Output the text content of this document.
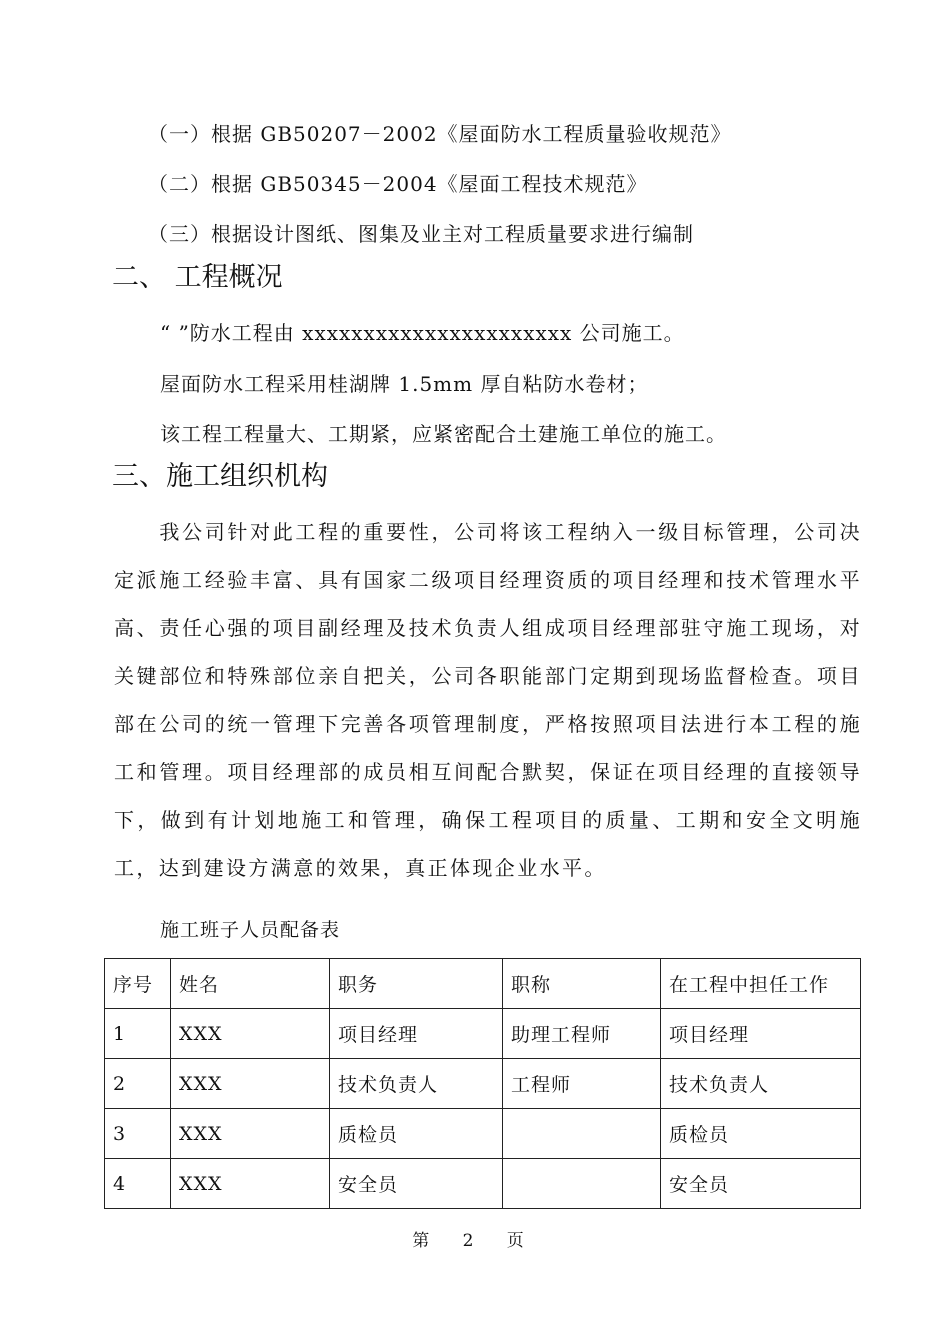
（一）根据 GB50207－2002《屋面防水工程质量验收规范》
（二）根据 GB50345－2004《屋面工程技术规范》
（三）根据设计图纸、图集及业主对工程质量要求进行编制
二、 工程概况
“ ”防水工程由 xxxxxxxxxxxxxxxxxxxxxx 公司施工。
屋面防水工程采用桂湖牌 1.5mm 厚自粘防水卷材；
该工程工程量大、工期紧，应紧密配合土建施工单位的施工。
三、施工组织机构
　　我公司针对此工程的重要性，公司将该工程纳入一级目标管理，公司决定派施工经验丰富、具有国家二级项目经理资质的项目经理和技术管理水平高、责任心强的项目副经理及技术负责人组成项目经理部驻守施工现场，对关键部位和特殊部位亲自把关，公司各职能部门定期到现场监督检查。项目部在公司的统一管理下完善各项管理制度，严格按照项目法进行本工程的施工和管理。项目经理部的成员相互间配合默契，保证在项目经理的直接领导下，做到有计划地施工和管理，确保工程项目的质量、工期和安全文明施工，达到建设方满意的效果，真正体现企业水平。
施工班子人员配备表
序号	姓名	职务	职称	在工程中担任工作
1	XXX	项目经理	助理工程师	项目经理
2	XXX	技术负责人	工程师	技术负责人
3	XXX	质检员		质检员
4	XXX	安全员		安全员
第 2 页
